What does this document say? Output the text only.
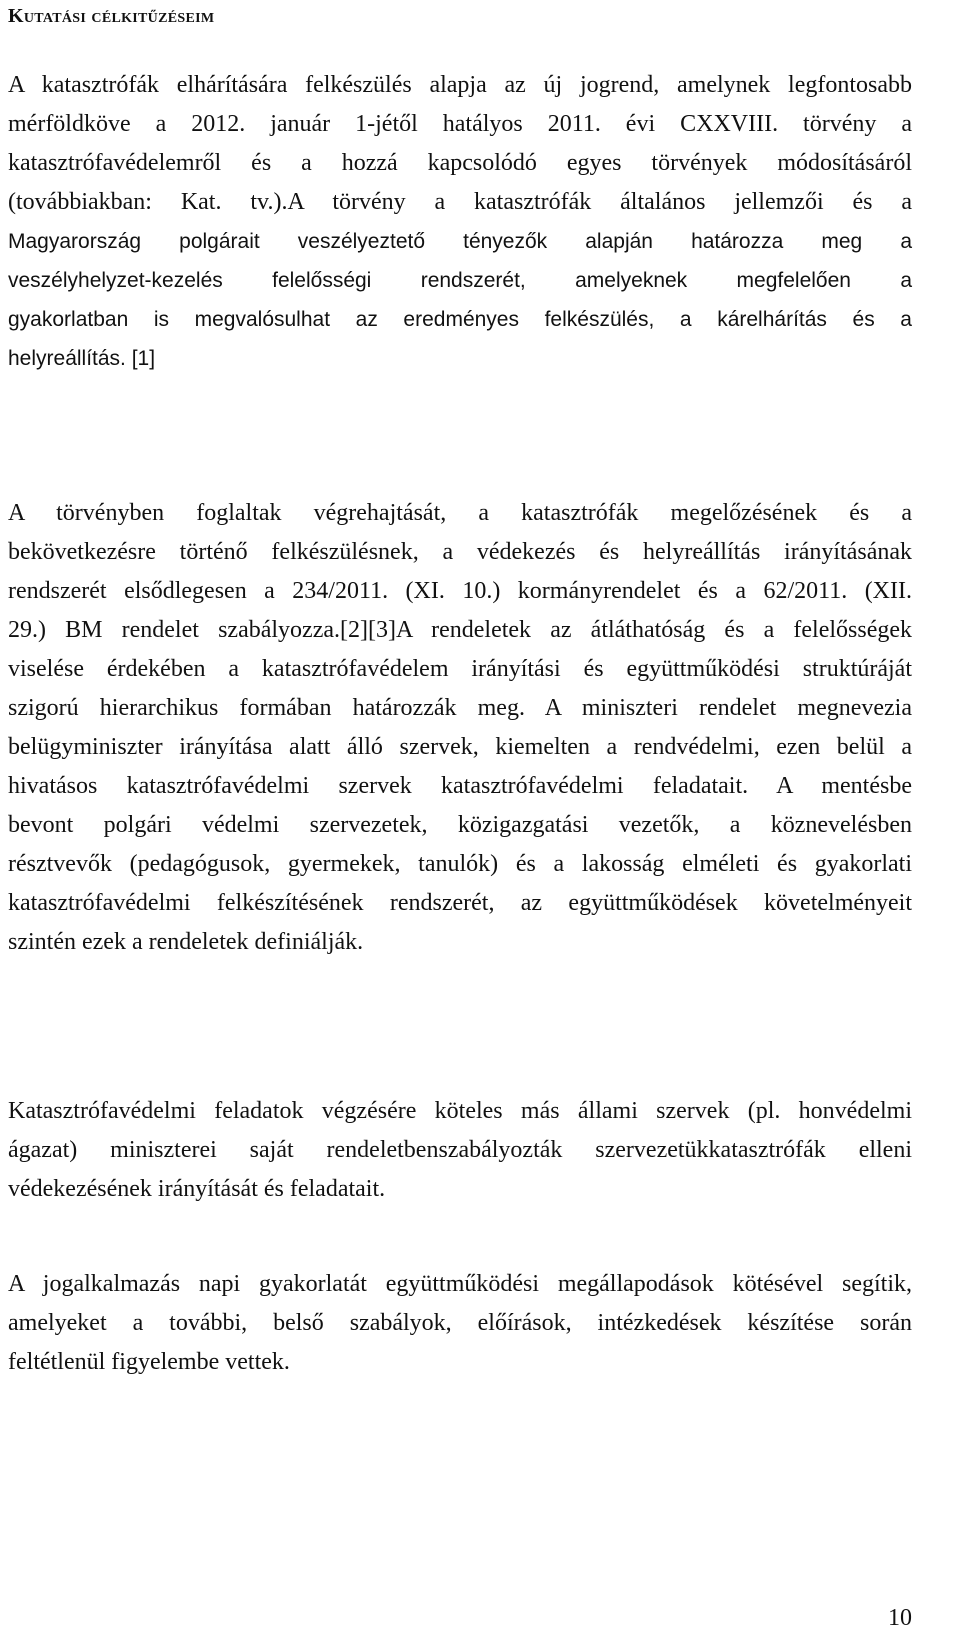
Kutatási célkitűzéseim
A katasztrófák elhárítására felkészülés alapja az új jogrend, amelynek legfontosabb
mérföldköve a 2012. január 1-jétől hatályos 2011. évi CXXVIII. törvény a
katasztrófavédelemről és a hozzá kapcsolódó egyes törvények módosításáról
(továbbiakban: Kat. tv.).A törvény a katasztrófák általános jellemzői és a
Magyarország polgárait veszélyeztető tényezők alapján határozza meg a
veszélyhelyzet-kezelés felelősségi rendszerét, amelyeknek megfelelően a
gyakorlatban is megvalósulhat az eredményes felkészülés, a kárelhárítás és a
helyreállítás. [1]
A törvényben foglaltak végrehajtását, a katasztrófák megelőzésének és a
bekövetkezésre történő felkészülésnek, a védekezés és helyreállítás irányításának
rendszerét elsődlegesen a 234/2011. (XI. 10.) kormányrendelet és a 62/2011. (XII.
29.) BM rendelet szabályozza.[2][3]A rendeletek az átláthatóság és a felelősségek
viselése érdekében a katasztrófavédelem irányítási és együttműködési struktúráját
szigorú hierarchikus formában határozzák meg. A miniszteri rendelet megnevezia
belügyminiszter irányítása alatt álló szervek, kiemelten a rendvédelmi, ezen belül a
hivatásos katasztrófavédelmi szervek katasztrófavédelmi feladatait. A mentésbe
bevont polgári védelmi szervezetek, közigazgatási vezetők, a köznevelésben
résztvevők (pedagógusok, gyermekek, tanulók) és a lakosság elméleti és gyakorlati
katasztrófavédelmi felkészítésének rendszerét, az együttműködések követelményeit
szintén ezek a rendeletek definiálják.
Katasztrófavédelmi feladatok végzésére köteles más állami szervek (pl. honvédelmi
ágazat) miniszterei saját rendeletbenszabályozták szervezetükkatasztrófák elleni
védekezésének irányítását és feladatait.
A jogalkalmazás napi gyakorlatát együttműködési megállapodások kötésével segítik,
amelyeket a további, belső szabályok, előírások, intézkedések készítése során
feltétlenül figyelembe vettek.

10
